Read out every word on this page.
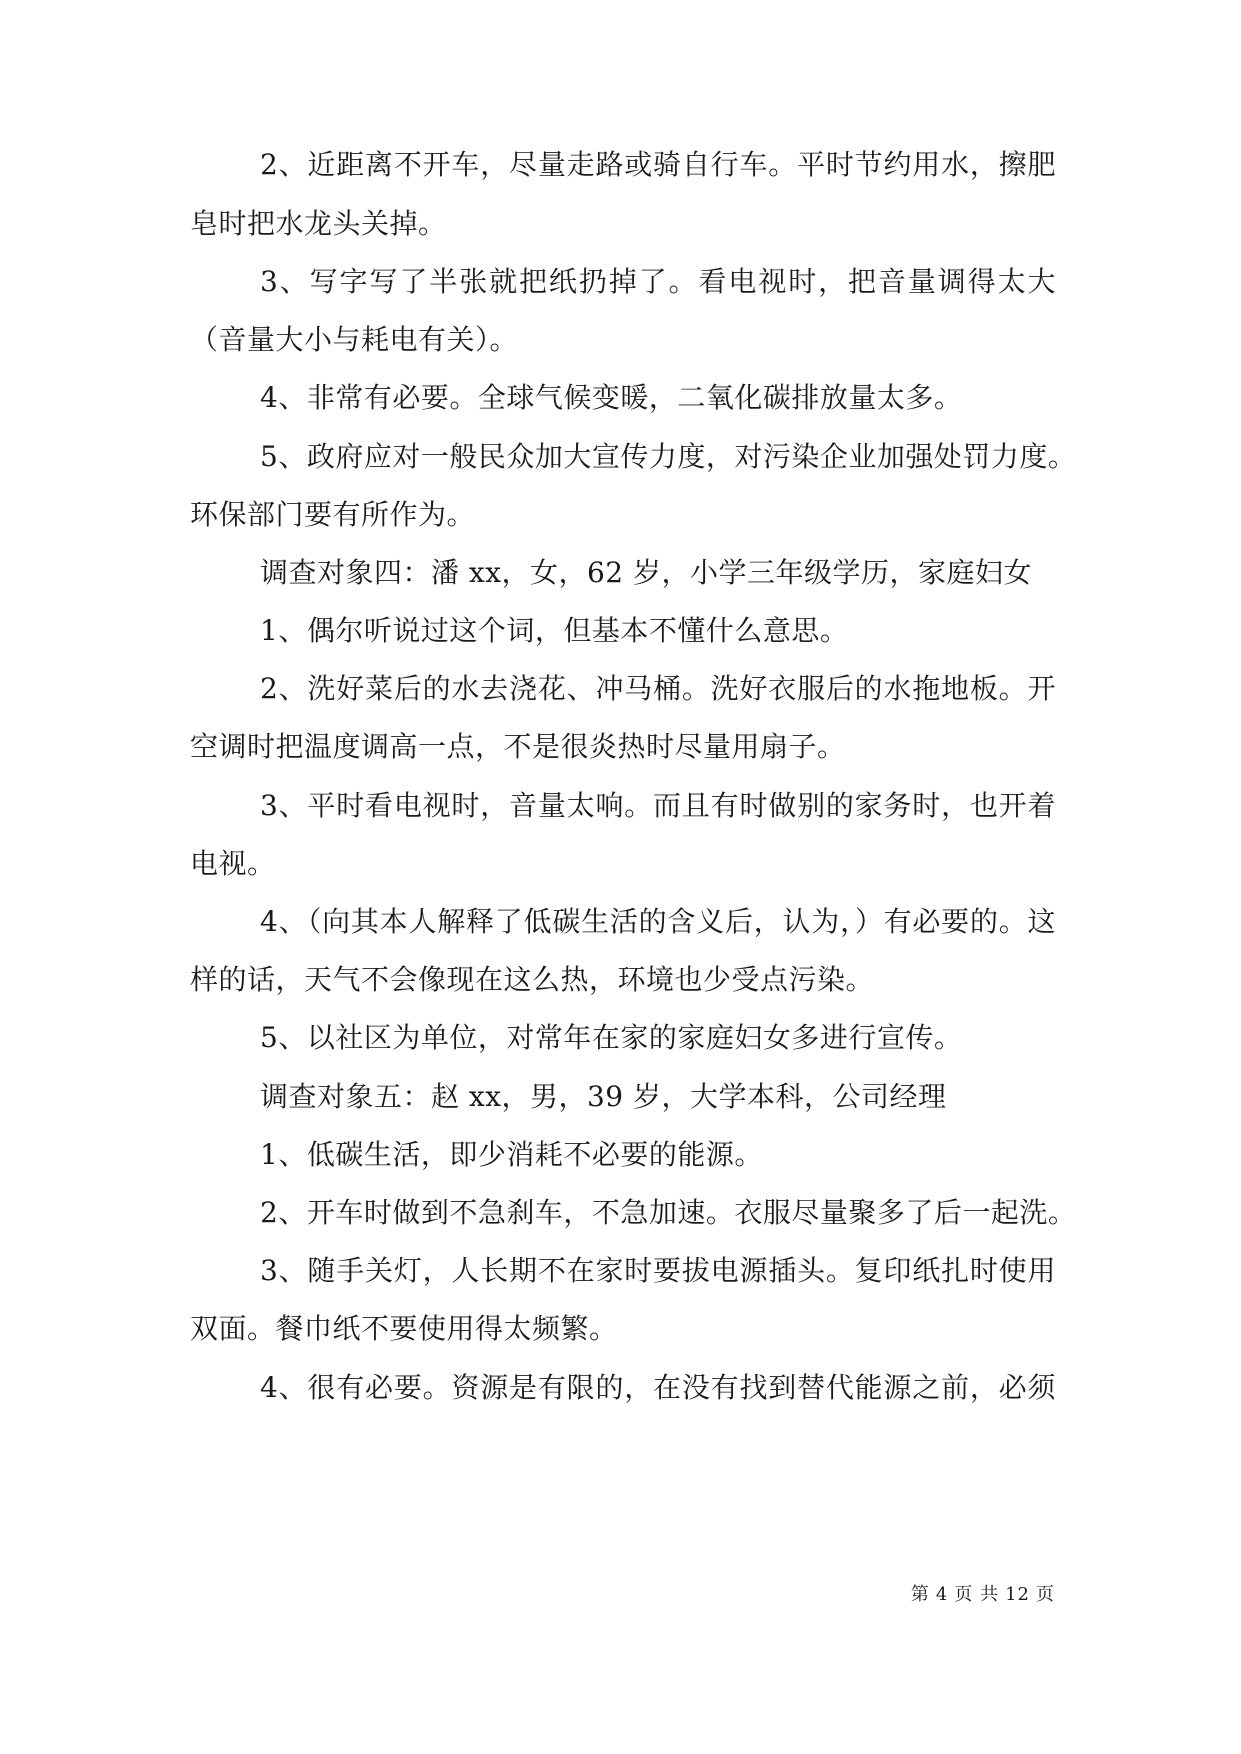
2、近距离不开车，尽量走路或骑自行车。平时节约用水，擦肥
皂时把水龙头关掉。
3、写字写了半张就把纸扔掉了。看电视时，把音量调得太大
（音量大小与耗电有关）。
4、非常有必要。全球气候变暖，二氧化碳排放量太多。
5、政府应对一般民众加大宣传力度，对污染企业加强处罚力度。
环保部门要有所作为。
调查对象四：潘 xx，女，62 岁，小学三年级学历，家庭妇女
1、偶尔听说过这个词，但基本不懂什么意思。
2、洗好菜后的水去浇花、冲马桶。洗好衣服后的水拖地板。开
空调时把温度调高一点，不是很炎热时尽量用扇子。
3、平时看电视时，音量太响。而且有时做别的家务时，也开着
电视。
4、（向其本人解释了低碳生活的含义后，认为，）有必要的。这
样的话，天气不会像现在这么热，环境也少受点污染。
5、以社区为单位，对常年在家的家庭妇女多进行宣传。
调查对象五：赵 xx，男，39 岁，大学本科，公司经理
1、低碳生活，即少消耗不必要的能源。
2、开车时做到不急刹车，不急加速。衣服尽量聚多了后一起洗。
3、随手关灯，人长期不在家时要拔电源插头。复印纸扎时使用
双面。餐巾纸不要使用得太频繁。
4、很有必要。资源是有限的，在没有找到替代能源之前，必须
第 4 页 共 12 页
